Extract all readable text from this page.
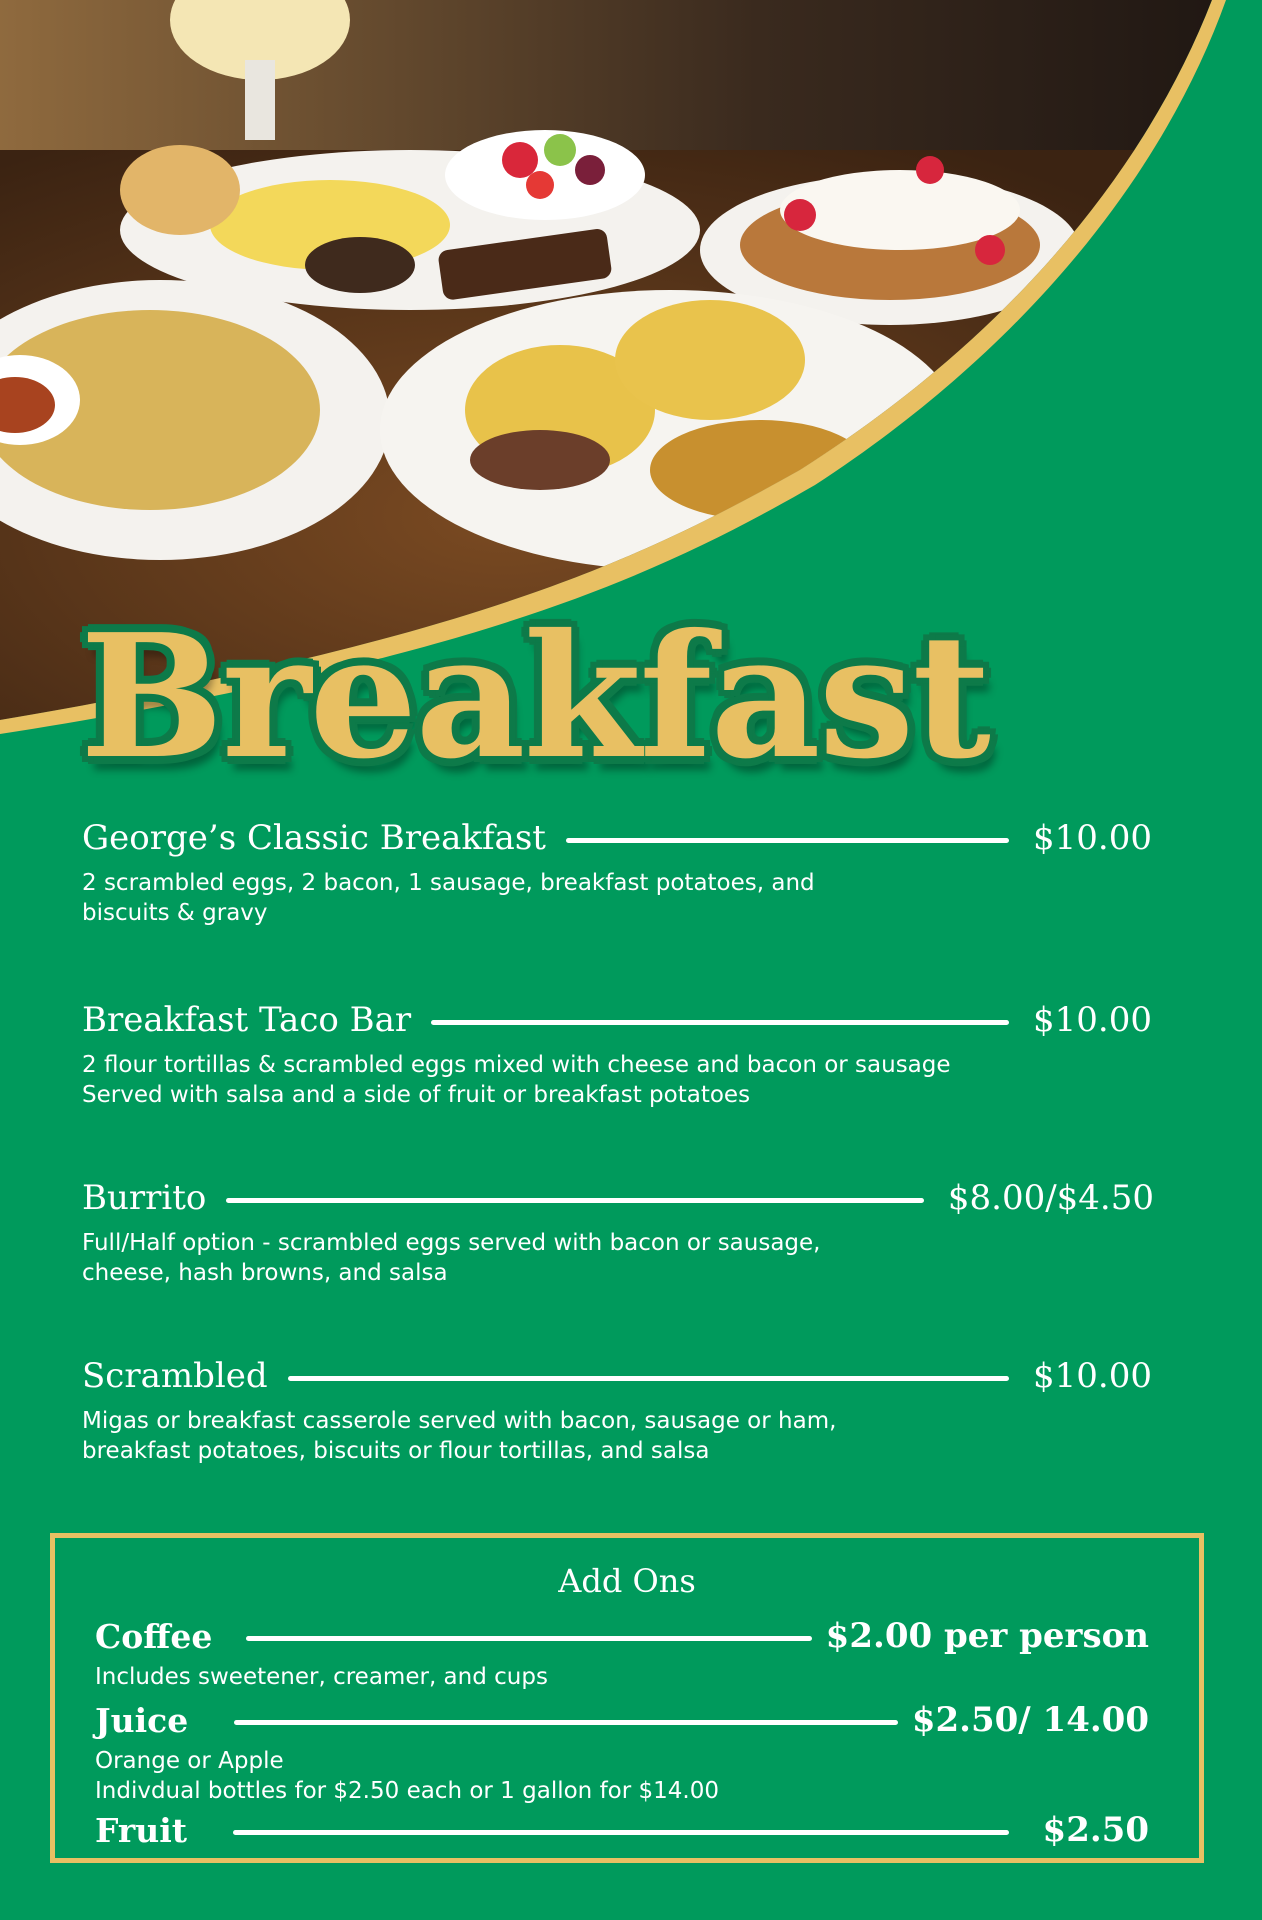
Breakfast
George’s Classic Breakfast	$10.00
2 scrambled eggs, 2 bacon, 1 sausage, breakfast potatoes, and
biscuits & gravy
Breakfast Taco Bar	$10.00
2 flour tortillas & scrambled eggs mixed with cheese and bacon or sausage
Served with salsa and a side of fruit or breakfast potatoes
Burrito	$8.00/$4.50
Full/Half option - scrambled eggs served with bacon or sausage,
cheese, hash browns, and salsa
Scrambled	$10.00
Migas or breakfast casserole served with bacon, sausage or ham,
breakfast potatoes, biscuits or flour tortillas, and salsa
Add Ons
Coffee	$2.00 per person
Includes sweetener, creamer, and cups
Juice	$2.50/ 14.00
Orange or Apple
Indivdual bottles for $2.50 each or 1 gallon for $14.00
Fruit	$2.50
